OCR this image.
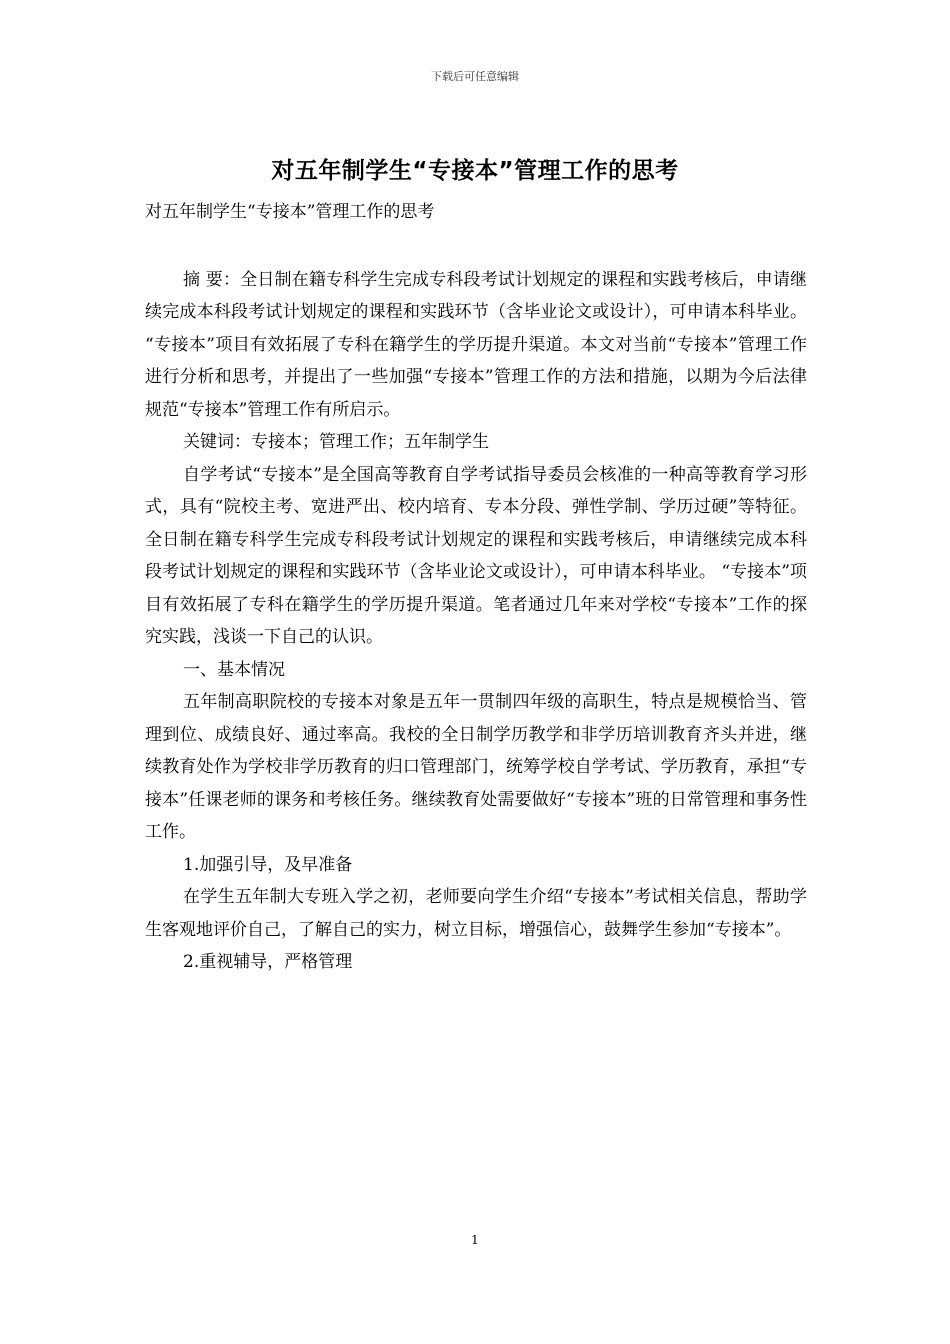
下载后可任意编辑
对五年制学生“专接本”管理工作的思考

对五年制学生“专接本”管理工作的思考

摘 要：全日制在籍专科学生完成专科段考试计划规定的课程和实践考核后，申请继续完成本科段考试计划规定的课程和实践环节（含毕业论文或设计），可申请本科毕业。 “专接本”项目有效拓展了专科在籍学生的学历提升渠道。本文对当前“专接本”管理工作进行分析和思考，并提出了一些加强“专接本”管理工作的方法和措施，以期为今后法律规范“专接本”管理工作有所启示。

关键词：专接本；管理工作；五年制学生

自学考试“专接本”是全国高等教育自学考试指导委员会核准的一种高等教育学习形式，具有“院校主考、宽进严出、校内培育、专本分段、弹性学制、学历过硬”等特征。全日制在籍专科学生完成专科段考试计划规定的课程和实践考核后，申请继续完成本科段考试计划规定的课程和实践环节（含毕业论文或设计），可申请本科毕业。 “专接本”项目有效拓展了专科在籍学生的学历提升渠道。笔者通过几年来对学校“专接本”工作的探究实践，浅谈一下自己的认识。

一、基本情况

五年制高职院校的专接本对象是五年一贯制四年级的高职生，特点是规模恰当、管理到位、成绩良好、通过率高。我校的全日制学历教学和非学历培训教育齐头并进，继续教育处作为学校非学历教育的归口管理部门，统筹学校自学考试、学历教育，承担“专接本”任课老师的课务和考核任务。继续教育处需要做好“专接本”班的日常管理和事务性工作。

1.加强引导，及早准备

在学生五年制大专班入学之初，老师要向学生介绍“专接本”考试相关信息，帮助学生客观地评价自己，了解自己的实力，树立目标，增强信心，鼓舞学生参加“专接本”。

2.重视辅导，严格管理

1
